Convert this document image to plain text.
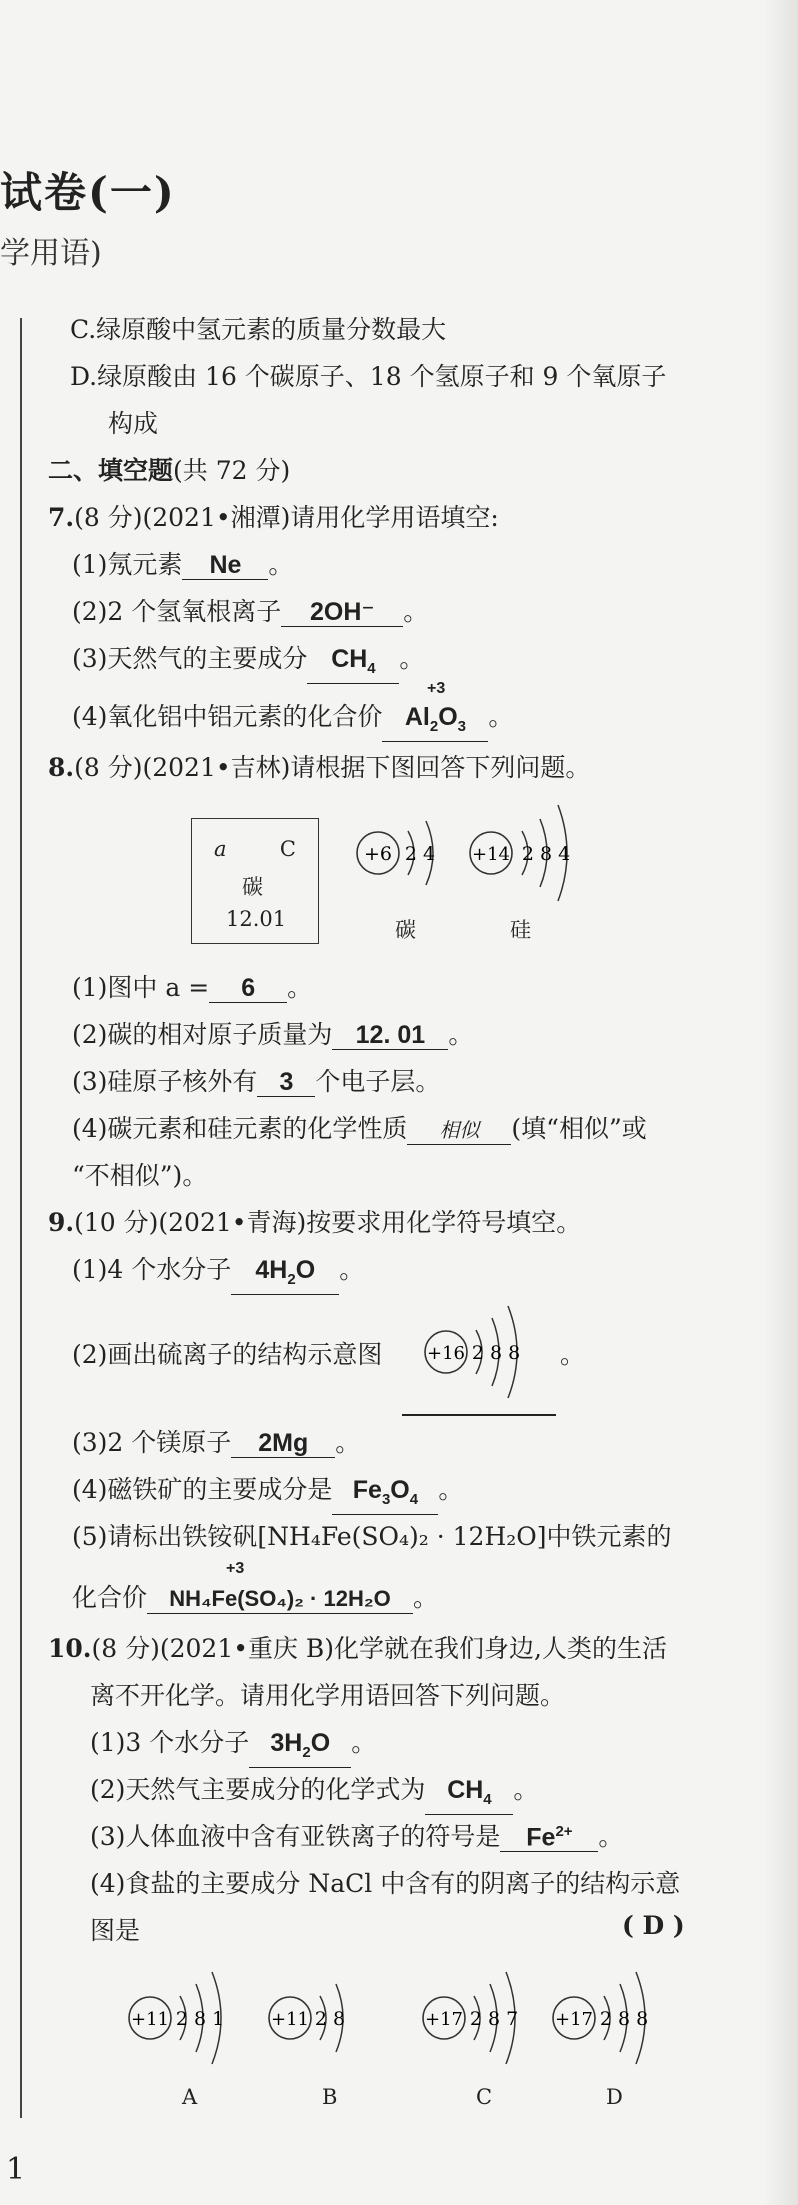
试卷(一)
学用语)
C.绿原酸中氢元素的质量分数最大
D.绿原酸由 16 个碳原子、18 个氢原子和 9 个氧原子
构成
二、填空题(共 72 分)
7.(8 分)(2021•湘潭)请用化学用语填空:
(1)氖元素 Ne 。
(2)2 个氢氧根离子 2OH⁻ 。
(3)天然气的主要成分 $CH_4$ 。
+3
(4)氧化铝中铝元素的化合价 $Al_2O_3$ 。
8.(8 分)(2021•吉林)请根据下图回答下列问题。
a	C
碳
12.01
+6 2 4
碳
+14 2 8 4
硅
(1)图中 a = 6 。
(2)碳的相对原子质量为 12. 01 。
(3)硅原子核外有 3 个电子层。
(4)碳元素和硅元素的化学性质 相似 (填“相似”或
“不相似”)。
9.(10 分)(2021•青海)按要求用化学符号填空。
(1)4 个水分子 $4H_2O$ 。
(2)画出硫离子的结构示意图 +16 2 8 8 。
(3)2 个镁原子 2Mg 。
(4)磁铁矿的主要成分是 $Fe_3O_4$ 。
(5)请标出铁铵矾[NH₄Fe(SO₄)₂ · 12H₂O]中铁元素的
+3
化合价 NH₄Fe(SO₄)₂ · 12H₂O 。
10.(8 分)(2021•重庆 B)化学就在我们身边,人类的生活
离不开化学。请用化学用语回答下列问题。
(1)3 个水分子 $3H_2O$ 。
(2)天然气主要成分的化学式为 $CH_4$ 。
(3)人体血液中含有亚铁离子的符号是 $Fe^{2+}$ 。
(4)食盐的主要成分 NaCl 中含有的阴离子的结构示意
图是	( D )
+11 2 8 1
A
+11 2 8
B
+17 2 8 7
C
+17 2 8 8
D
1
